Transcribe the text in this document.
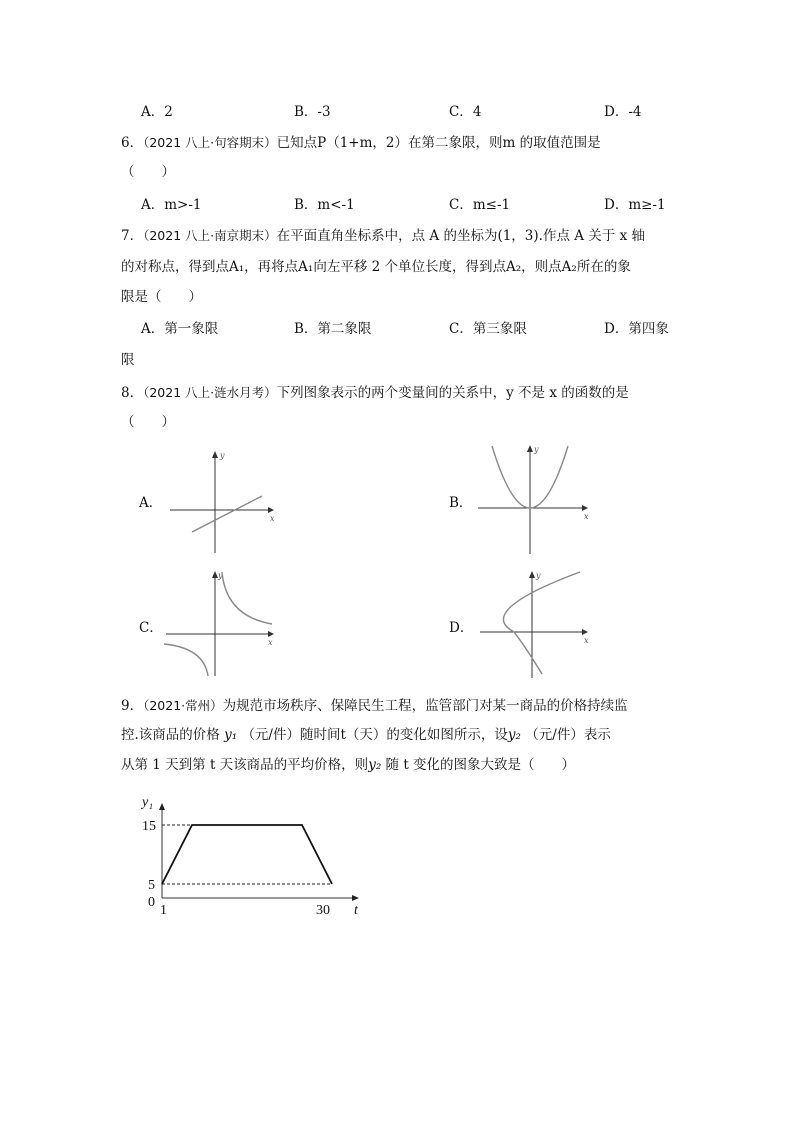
A．2	B．-3	C．4	D．-4
6．（2021 八上·句容期末）已知点P（1+m，2）在第二象限，则m 的取值范围是
（　　）
A．m>-1	B．m<-1	C．m≤-1	D．m≥-1
7．（2021 八上·南京期末）在平面直角坐标系中，点 A 的坐标为(1，3).作点 A 关于 x 轴
的对称点，得到点A₁，再将点A₁向左平移 2 个单位长度，得到点A₂，则点A₂所在的象
限是（　　）
A．第一象限	B．第二象限	C．第三象限	D．第四象
限
8．（2021 八上·涟水月考）下列图象表示的两个变量间的关系中，y 不是 x 的函数的是
（　　）
A．	B．
C．	D．
x
y
x
y
x
y
x
y
9．（2021·常州）为规范市场秩序、保障民生工程，监管部门对某一商品的价格持续监
控.该商品的价格 y₁ （元/件）随时间t（天）的变化如图所示，设y₂ （元/件）表示
从第 1 天到第 t 天该商品的平均价格，则y₂ 随 t 变化的图象大致是（　　）
y₁
t
15
5
0
1	30
